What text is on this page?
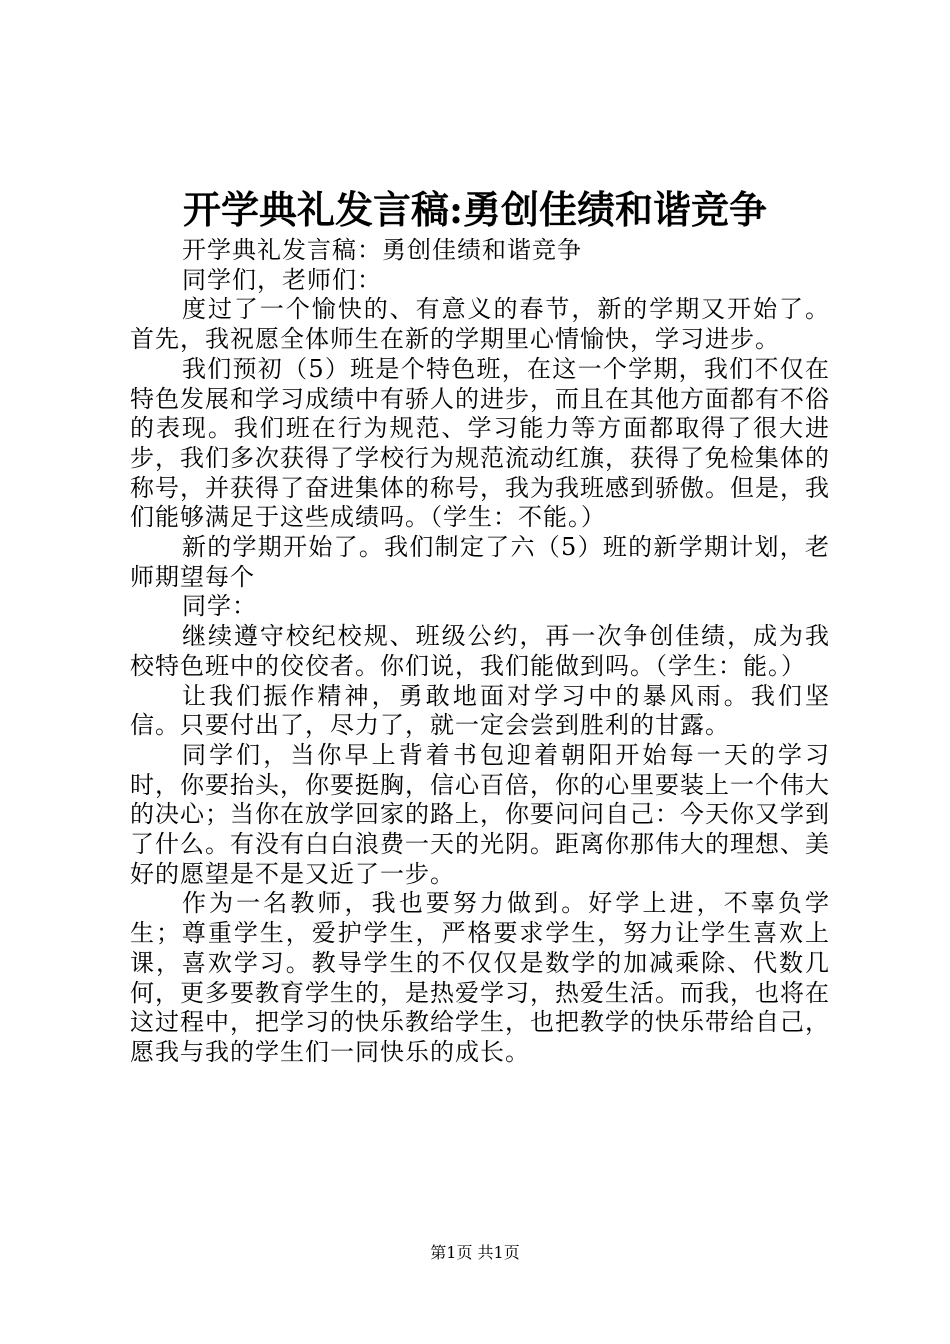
开学典礼发言稿:勇创佳绩和谐竞争

开学典礼发言稿：勇创佳绩和谐竞争

同学们，老师们：

度过了一个愉快的、有意义的春节，新的学期又开始了。首先，我祝愿全体师生在新的学期里心情愉快，学习进步。

我们预初（5）班是个特色班，在这一个学期，我们不仅在特色发展和学习成绩中有骄人的进步，而且在其他方面都有不俗的表现。我们班在行为规范、学习能力等方面都取得了很大进步，我们多次获得了学校行为规范流动红旗，获得了免检集体的称号，并获得了奋进集体的称号，我为我班感到骄傲。但是，我们能够满足于这些成绩吗。（学生：不能。）

新的学期开始了。我们制定了六（5）班的新学期计划，老师期望每个

同学：

继续遵守校纪校规、班级公约，再一次争创佳绩，成为我校特色班中的佼佼者。你们说，我们能做到吗。（学生：能。）

让我们振作精神，勇敢地面对学习中的暴风雨。我们坚信。只要付出了，尽力了，就一定会尝到胜利的甘露。

同学们，当你早上背着书包迎着朝阳开始每一天的学习时，你要抬头，你要挺胸，信心百倍，你的心里要装上一个伟大的决心；当你在放学回家的路上，你要问问自己：今天你又学到了什么。有没有白白浪费一天的光阴。距离你那伟大的理想、美好的愿望是不是又近了一步。

作为一名教师，我也要努力做到。好学上进，不辜负学生；尊重学生，爱护学生，严格要求学生，努力让学生喜欢上课，喜欢学习。教导学生的不仅仅是数学的加减乘除、代数几何，更多要教育学生的，是热爱学习，热爱生活。而我，也将在这过程中，把学习的快乐教给学生，也把教学的快乐带给自己，愿我与我的学生们一同快乐的成长。

第1页 共1页
